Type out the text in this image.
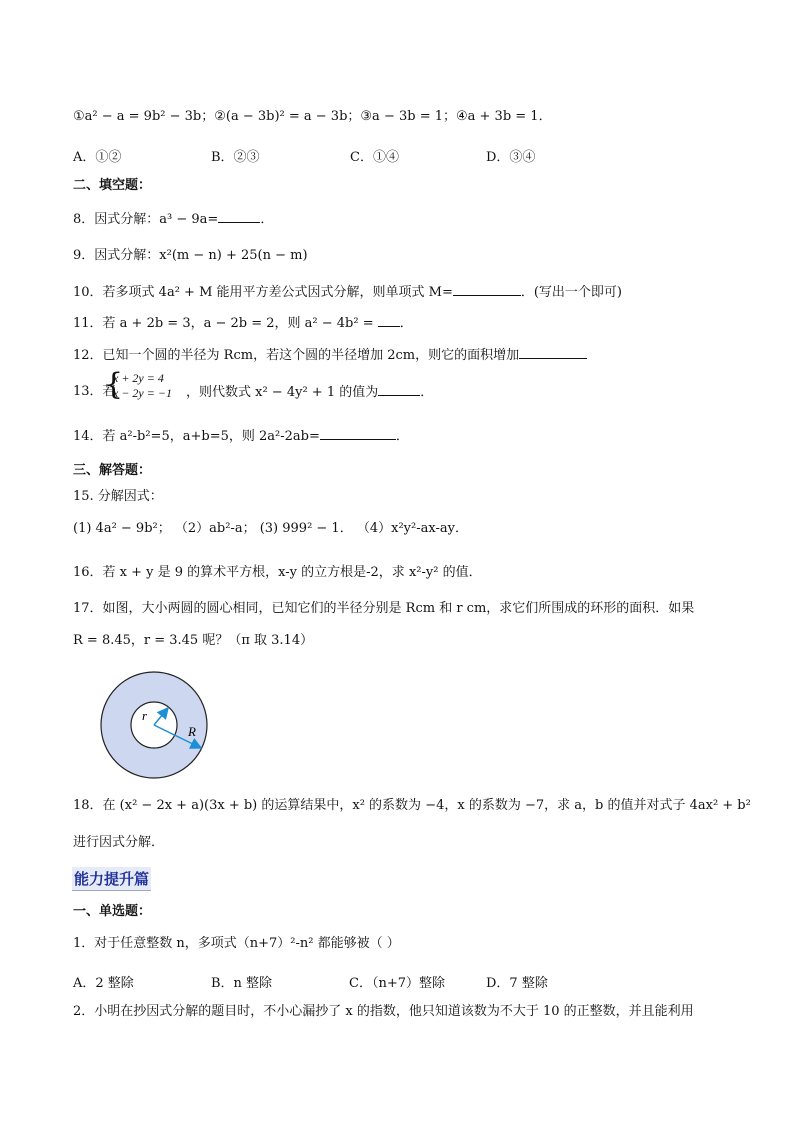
①a² − a = 9b² − 3b；②(a − 3b)² = a − 3b；③a − 3b = 1；④a + 3b = 1．
A．①②	B．②③	C．①④	D．③④
二、填空题：
8．因式分解：a³ − 9a=	．
9．因式分解：x²(m − n) + 25(n − m)
10．若多项式 4a² + M 能用平方差公式因式分解，则单项式 M=	．(写出一个即可)
11．若 a + 2b = 3，a − 2b = 2，则 a² − 4b² = ．
12．已知一个圆的半径为 Rcm，若这个圆的半径增加 2cm，则它的面积增加
13．若
{
x + 2y = 4
x − 2y = −1 ，则代数式 x² − 4y² + 1 的值为	．
14．若 a²-b²=5，a+b=5，则 2a²-2ab=	．
三、解答题：
15. 分解因式：
(1) 4a² − 9b²； （2）ab²-a； (3) 999² − 1． （4）x²y²-ax-ay．
16．若 x + y 是 9 的算术平方根，x-y 的立方根是-2，求 x²-y² 的值．
17．如图，大小两圆的圆心相同，已知它们的半径分别是 Rcm 和 r cm，求它们所围成的环形的面积．如果
R = 8.45，r = 3.45 呢？（π 取 3.14）
r
R
18．在 (x² − 2x + a)(3x + b) 的运算结果中，x² 的系数为 −4，x 的系数为 −7，求 a，b 的值并对式子 4ax² + b²
进行因式分解．
能力提升篇
一、单选题：
1．对于任意整数 n，多项式（n+7）²-n² 都能够被（ ）
A．2 整除	B．n 整除	C．（n+7）整除	D．7 整除
2．小明在抄因式分解的题目时，不小心漏抄了 x 的指数，他只知道该数为不大于 10 的正整数，并且能利用
